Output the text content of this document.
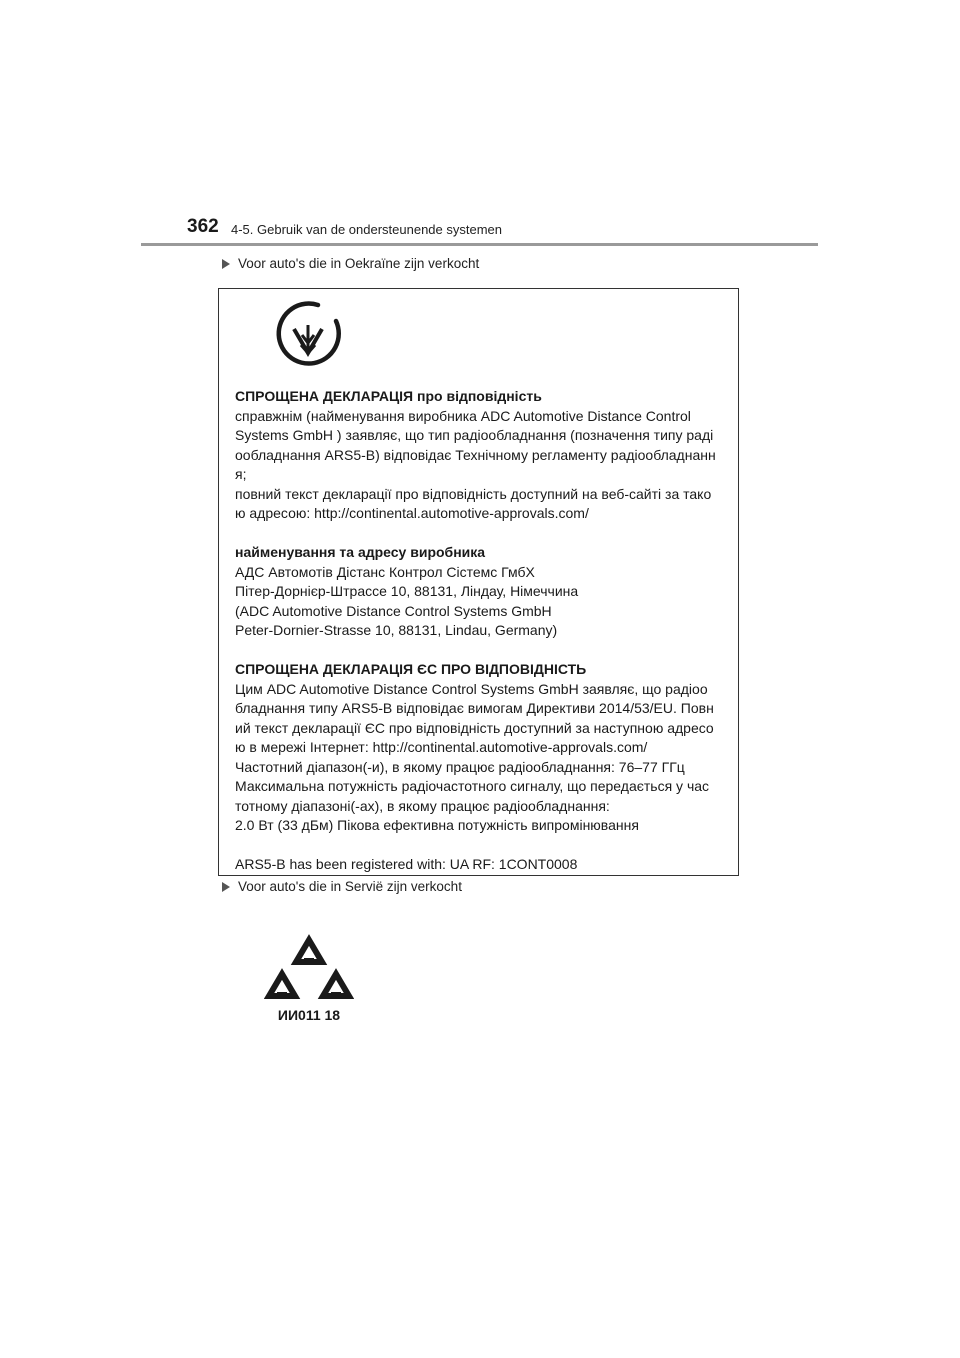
362 4-5. Gebruik van de ondersteunende systemen
Voor auto's die in Oekraïne zijn verkocht
СПРОЩЕНА ДЕКЛАРАЦІЯ про відповідність
справжнім (найменування виробника ADC Automotive Distance Control
Systems GmbH ) заявляє, що тип радіообладнання (позначення типу раді
ообладнання ARS5-B) відповідає Технічному регламенту радіообладнанн
я;
повний текст декларації про відповідність доступний на веб-сайті за тако
ю адресою: http://continental.automotive-approvals.com/
найменування та адресу виробника
АДС Автомотів Дістанс Контрол Сістемс ГмбХ
Пітер-Дорнієр-Штрассе 10, 88131, Ліндау, Німеччина
(ADC Automotive Distance Control Systems GmbH
Peter-Dornier-Strasse 10, 88131, Lindau, Germany)
СПРОЩЕНА ДЕКЛАРАЦІЯ ЄС ПРО ВІДПОВІДНІСТЬ
Цим ADC Automotive Distance Control Systems GmbH заявляє, що радіоо
бладнання типу ARS5-B відповідає вимогам Директиви 2014/53/EU. Повн
ий текст декларації ЄС про відповідність доступний за наступною адресо
ю в мережі Інтернет: http://continental.automotive-approvals.com/
Частотний діапазон(-и), в якому працює радіообладнання: 76–77 ГГц
Максимальна потужність радіочастотного сигналу, що передається у час
тотному діапазоні(-ах), в якому працює радіообладнання:
2.0 Вт (33 дБм) Пікова ефективна потужність випромінювання
ARS5-B has been registered with: UA RF: 1CONT0008
Voor auto's die in Servië zijn verkocht
ИИ011 18
